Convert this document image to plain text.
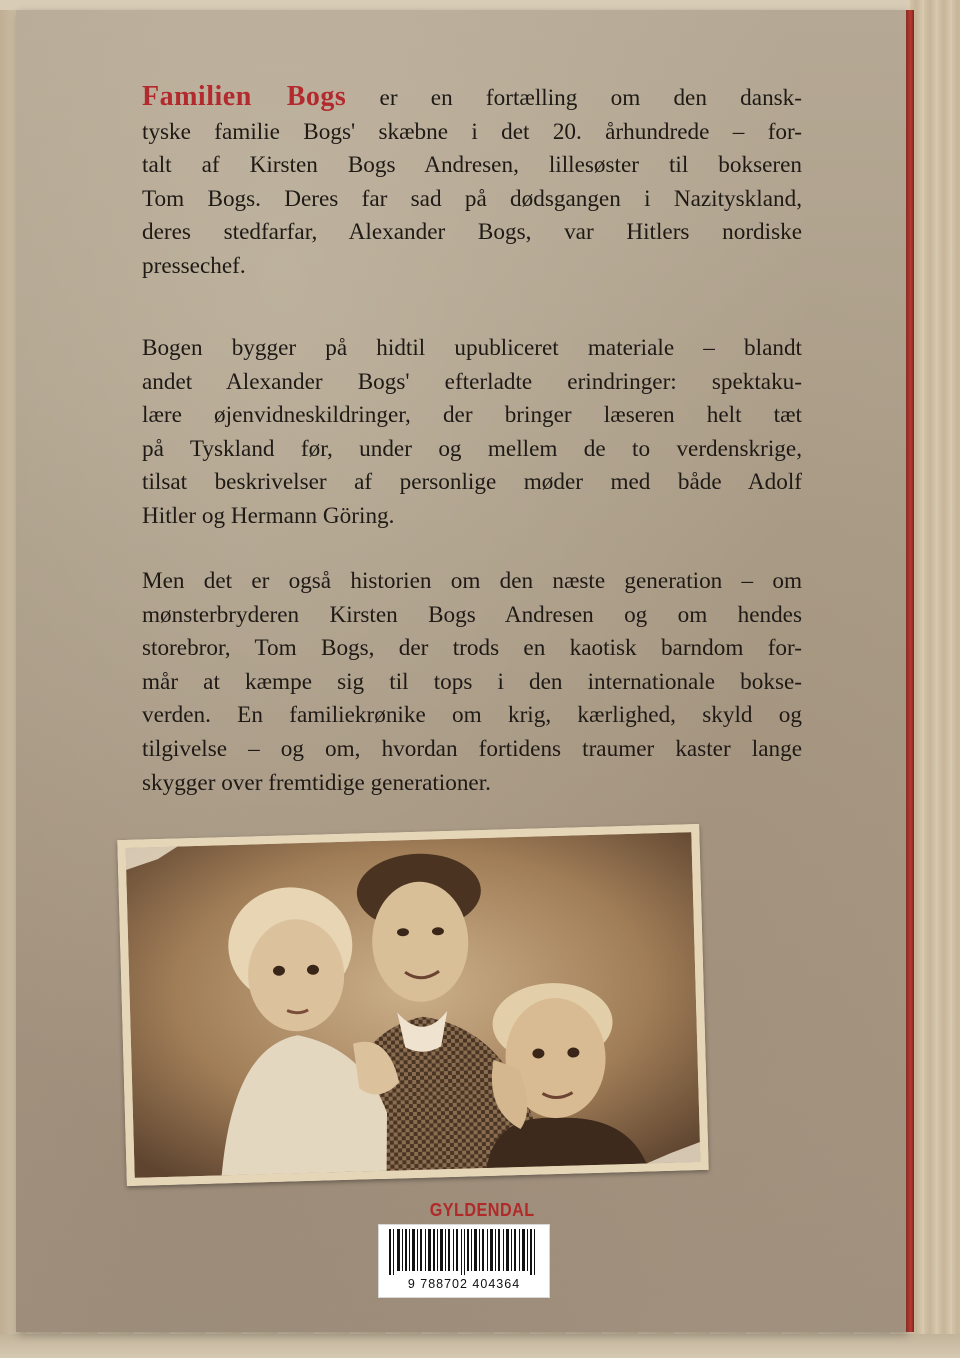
Familien Bogs er en fortælling om den dansk-
tyske familie Bogs' skæbne i det 20. århundrede – for-
talt af Kirsten Bogs Andresen, lillesøster til bokseren
Tom Bogs. Deres far sad på dødsgangen i Nazityskland,
deres stedfarfar, Alexander Bogs, var Hitlers nordiske
pressechef.
Bogen bygger på hidtil upubliceret materiale – blandt
andet Alexander Bogs' efterladte erindringer: spektaku-
lære øjenvidneskildringer, der bringer læseren helt tæt
på Tyskland før, under og mellem de to verdenskrige,
tilsat beskrivelser af personlige møder med både Adolf
Hitler og Hermann Göring.
Men det er også historien om den næste generation – om
mønsterbryderen Kirsten Bogs Andresen og om hendes
storebror, Tom Bogs, der trods en kaotisk barndom for-
mår at kæmpe sig til tops i den internationale bokse-
verden. En familiekrønike om krig, kærlighed, skyld og
tilgivelse – og om, hvordan fortidens traumer kaster lange
skygger over fremtidige generationer.
GYLDENDAL
9 788702 404364
